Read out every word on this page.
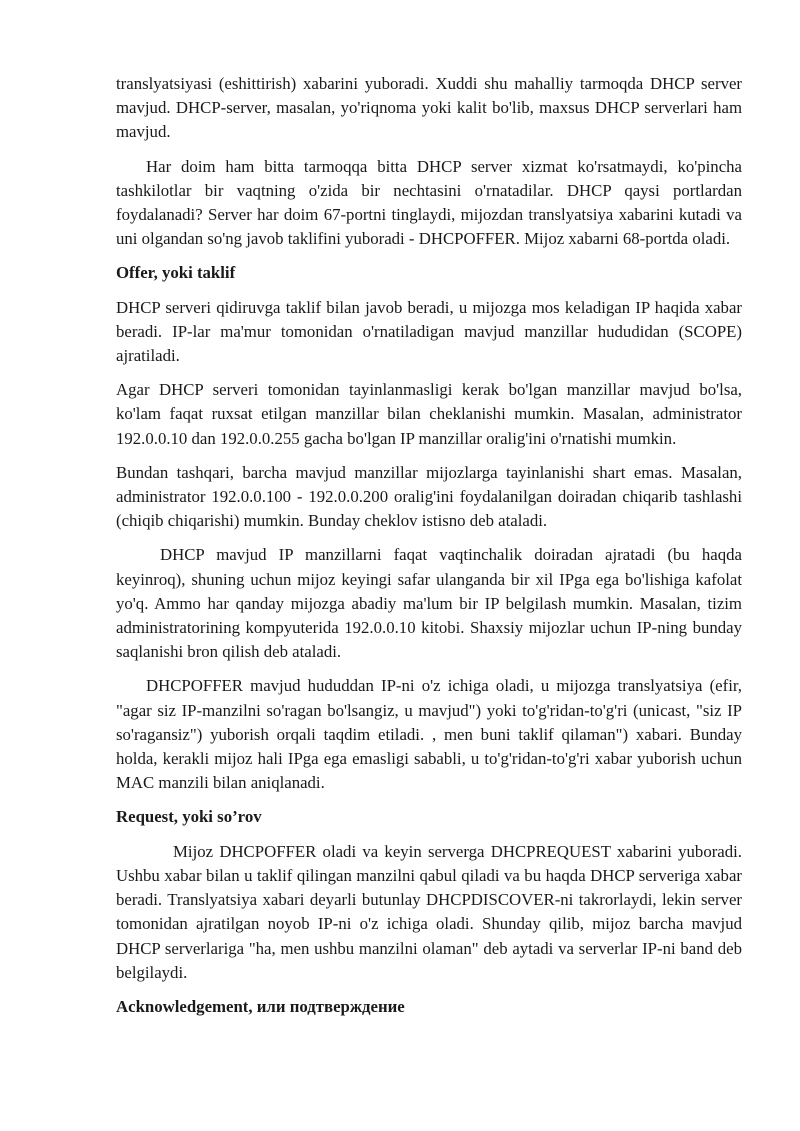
translyatsiyasi (eshittirish) xabarini yuboradi. Xuddi shu mahalliy tarmoqda DHCP server mavjud. DHCP-server, masalan, yo'riqnoma yoki kalit bo'lib, maxsus DHCP serverlari ham mavjud.

Har doim ham bitta tarmoqqa bitta DHCP server xizmat ko'rsatmaydi, ko'pincha tashkilotlar bir vaqtning o'zida bir nechtasini o'rnatadilar. DHCP qaysi portlardan foydalanadi? Server har doim 67-portni tinglaydi, mijozdan translyatsiya xabarini kutadi va uni olgandan so'ng javob taklifini yuboradi - DHCPOFFER. Mijoz xabarni 68-portda oladi.

Offer, yoki taklif

DHCP serveri qidiruvga taklif bilan javob beradi, u mijozga mos keladigan IP haqida xabar beradi. IP-lar ma'mur tomonidan o'rnatiladigan mavjud manzillar hududidan (SCOPE) ajratiladi.

Agar DHCP serveri tomonidan tayinlanmasligi kerak bo'lgan manzillar mavjud bo'lsa, ko'lam faqat ruxsat etilgan manzillar bilan cheklanishi mumkin. Masalan, administrator 192.0.0.10 dan 192.0.0.255 gacha bo'lgan IP manzillar oralig'ini o'rnatishi mumkin.

Bundan tashqari, barcha mavjud manzillar mijozlarga tayinlanishi shart emas. Masalan, administrator 192.0.0.100 - 192.0.0.200 oralig'ini foydalanilgan doiradan chiqarib tashlashi (chiqib chiqarishi) mumkin. Bunday cheklov istisno deb ataladi.

DHCP mavjud IP manzillarni faqat vaqtinchalik doiradan ajratadi (bu haqda keyinroq), shuning uchun mijoz keyingi safar ulanganda bir xil IPga ega bo'lishiga kafolat yo'q. Ammo har qanday mijozga abadiy ma'lum bir IP belgilash mumkin. Masalan, tizim administratorining kompyuterida 192.0.0.10 kitobi. Shaxsiy mijozlar uchun IP-ning bunday saqlanishi bron qilish deb ataladi.

DHCPOFFER mavjud hududdan IP-ni o'z ichiga oladi, u mijozga translyatsiya (efir, "agar siz IP-manzilni so'ragan bo'lsangiz, u mavjud") yoki to'g'ridan-to'g'ri (unicast, "siz IP so'ragansiz") yuborish orqali taqdim etiladi. , men buni taklif qilaman") xabari. Bunday holda, kerakli mijoz hali IPga ega emasligi sababli, u to'g'ridan-to'g'ri xabar yuborish uchun MAC manzili bilan aniqlanadi.

Request, yoki so’rov

Mijoz DHCPOFFER oladi va keyin serverga DHCPREQUEST xabarini yuboradi. Ushbu xabar bilan u taklif qilingan manzilni qabul qiladi va bu haqda DHCP serveriga xabar beradi. Translyatsiya xabari deyarli butunlay DHCPDISCOVER-ni takrorlaydi, lekin server tomonidan ajratilgan noyob IP-ni o'z ichiga oladi. Shunday qilib, mijoz barcha mavjud DHCP serverlariga "ha, men ushbu manzilni olaman" deb aytadi va serverlar IP-ni band deb belgilaydi.

Acknowledgement, или подтверждение
